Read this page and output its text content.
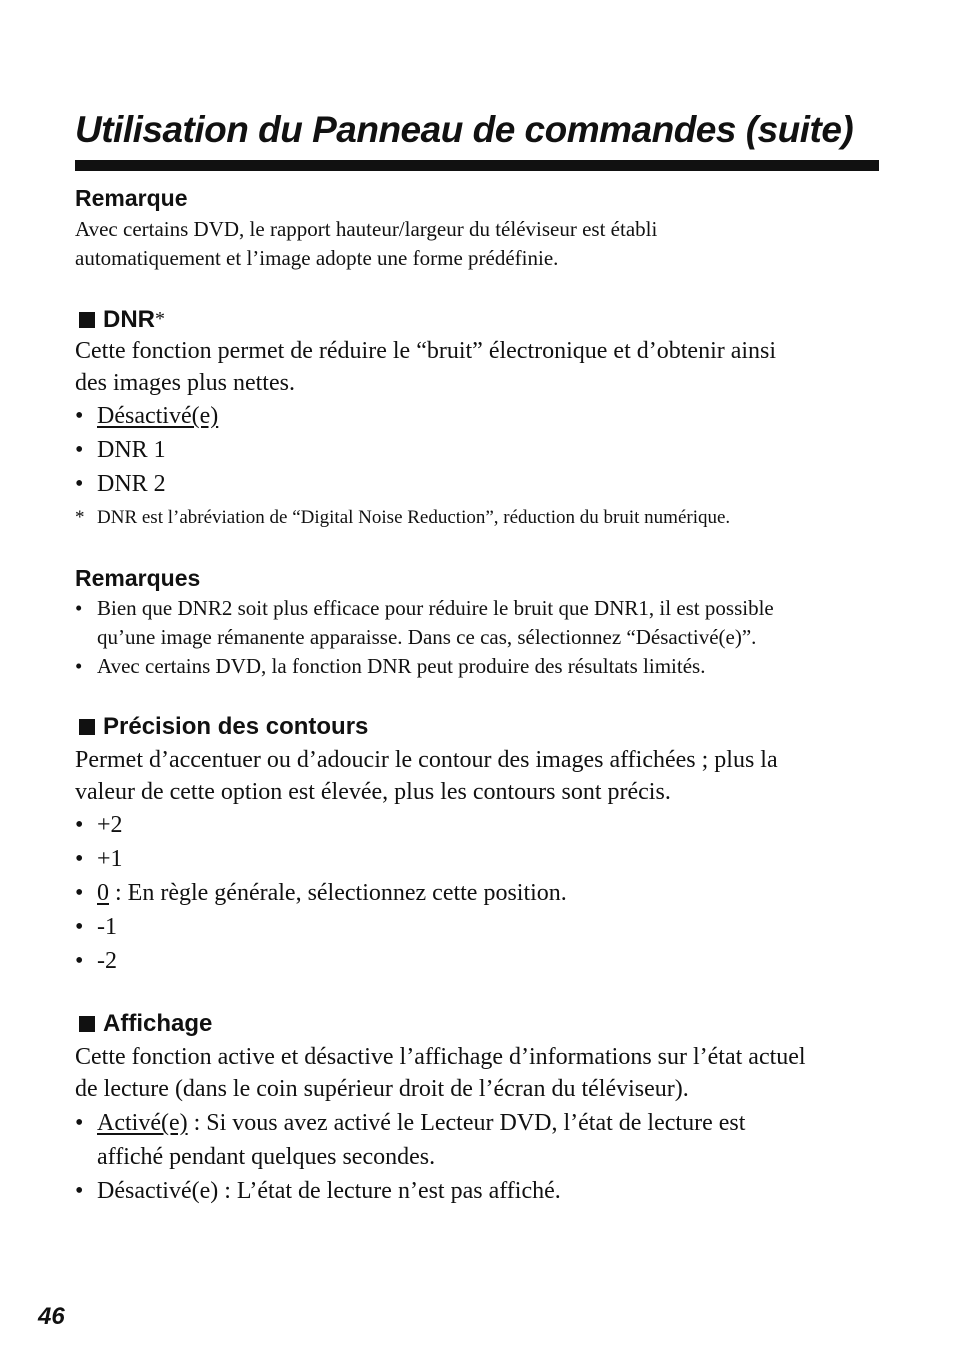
Utilisation du Panneau de commandes (suite)
Remarque
Avec certains DVD, le rapport hauteur/largeur du téléviseur est établi
automatiquement et l’image adopte une forme prédéfinie.
DNR*
Cette fonction permet de réduire le “bruit” électronique et d’obtenir ainsi
des images plus nettes.
• Désactivé(e)
• DNR 1
• DNR 2
* DNR est l’abréviation de “Digital Noise Reduction”, réduction du bruit numérique.
Remarques
• Bien que DNR2 soit plus efficace pour réduire le bruit que DNR1, il est possible
qu’une image rémanente apparaisse. Dans ce cas, sélectionnez “Désactivé(e)”.
• Avec certains DVD, la fonction DNR peut produire des résultats limités.
Précision des contours
Permet d’accentuer ou d’adoucir le contour des images affichées ; plus la
valeur de cette option est élevée, plus les contours sont précis.
• +2
• +1
• 0 : En règle générale, sélectionnez cette position.
• -1
• -2
Affichage
Cette fonction active et désactive l’affichage d’informations sur l’état actuel
de lecture (dans le coin supérieur droit de l’écran du téléviseur).
• Activé(e) : Si vous avez activé le Lecteur DVD, l’état de lecture est
affiché pendant quelques secondes.
• Désactivé(e) : L’état de lecture n’est pas affiché.
46
